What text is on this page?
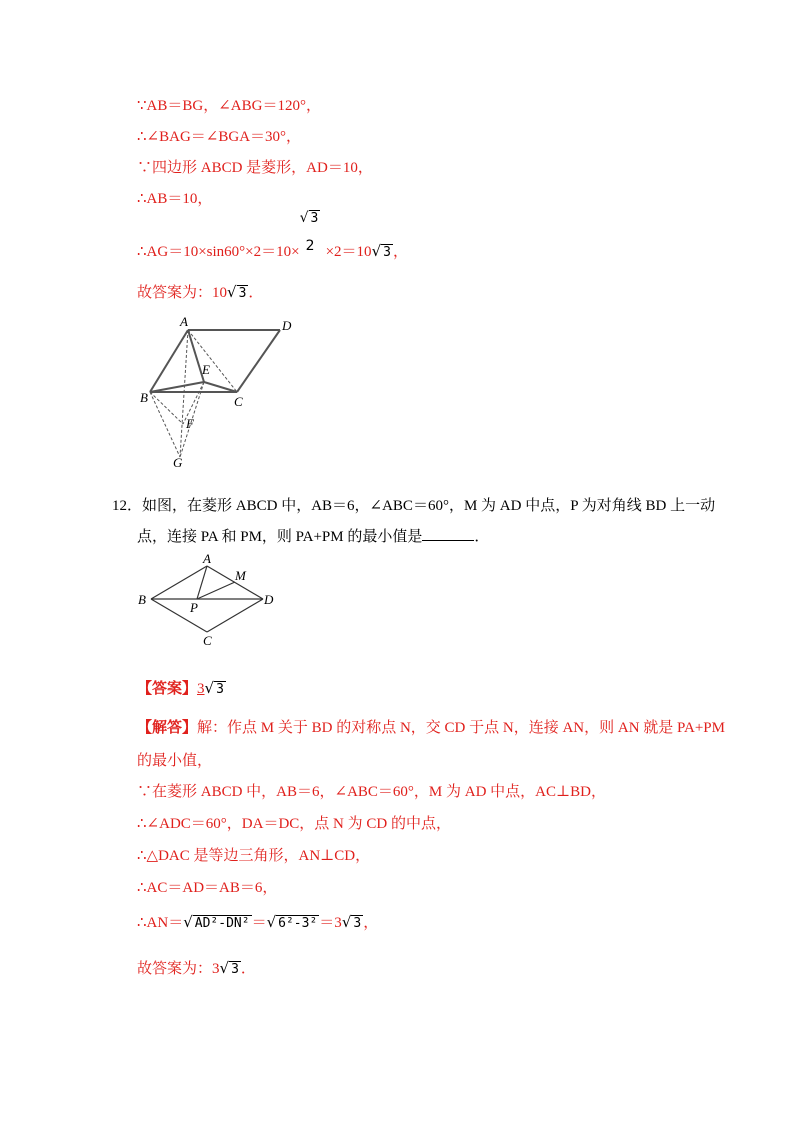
∵AB＝BG，∠ABG＝120°，
∴∠BAG＝∠BGA＝30°，
∵四边形 ABCD 是菱形，AD＝10，
∴AB＝10，
∴AG＝10×sin60°×2＝10×
√ 3
2 ×2＝10√ 3 ，
故答案为：10√ 3 ．
A	D
E
B	C
F
G
12．如图，在菱形 ABCD 中，AB＝6，∠ABC＝60°，M 为 AD 中点，P 为对角线 BD 上一动
点，连接 PA 和 PM，则 PA+PM 的最小值是	．
A
M
B
P
D
C
【答案】3√ 3
【解答】解：作点 M 关于 BD 的对称点 N，交 CD 于点 N，连接 AN，则 AN 就是 PA+PM
的最小值，
∵在菱形 ABCD 中，AB＝6，∠ABC＝60°，M 为 AD 中点，AC⊥BD，
∴∠ADC＝60°，DA＝DC，点 N 为 CD 的中点，
∴△DAC 是等边三角形，AN⊥CD，
∴AC＝AD＝AB＝6，
∴AN＝√ AD²-DN² ＝√ 6²-3² ＝3√ 3 ，
故答案为：3√ 3 ．
